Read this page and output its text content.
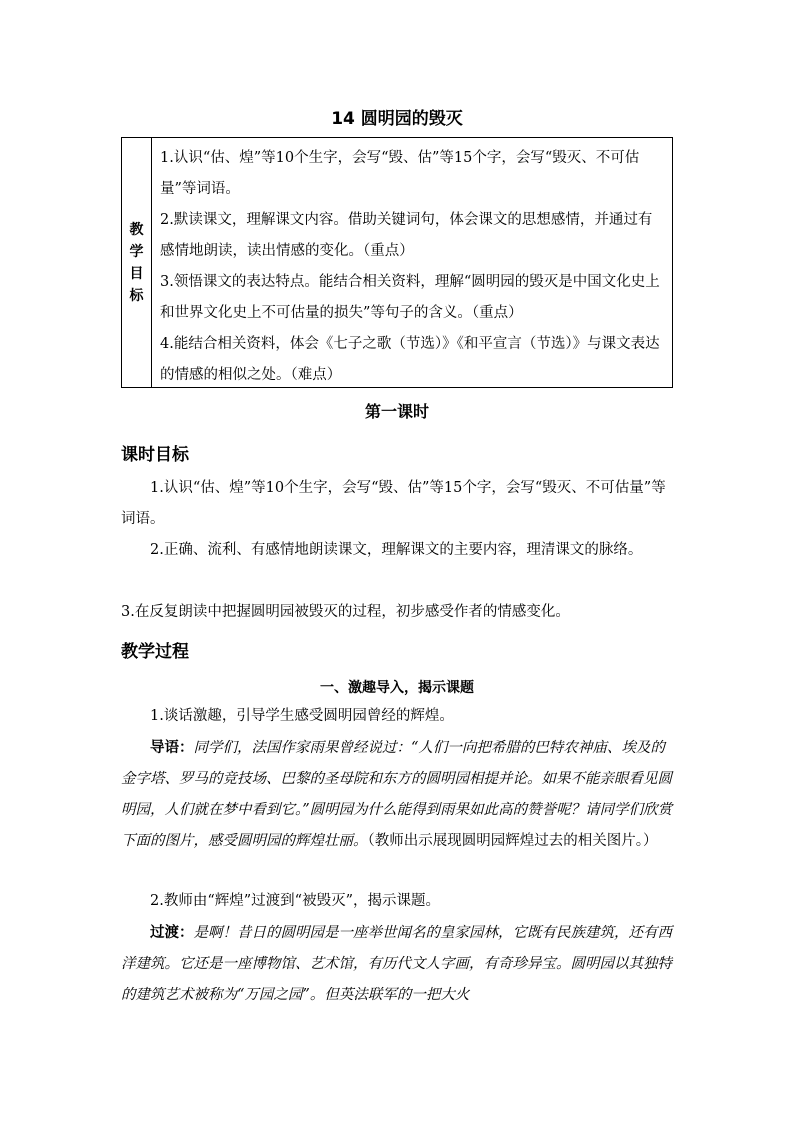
14 圆明园的毁灭
教
学
目
标

1.认识“估、煌”等10个生字，会写“毁、估”等15个字，会写“毁灭、不可估量”等词语。

2.默读课文，理解课文内容。借助关键词句，体会课文的思想感情，并通过有感情地朗读，读出情感的变化。（重点）

3.领悟课文的表达特点。能结合相关资料，理解“圆明园的毁灭是中国文化史上和世界文化史上不可估量的损失”等句子的含义。（重点）

4.能结合相关资料，体会《七子之歌（节选）》《和平宣言（节选）》与课文表达的情感的相似之处。（难点）

第一课时
课时目标

1.认识“估、煌”等10个生字，会写“毁、估”等15个字，会写“毁灭、不可估量”等词语。

2.正确、流利、有感情地朗读课文，理解课文的主要内容，理清课文的脉络。

3.在反复朗读中把握圆明园被毁灭的过程，初步感受作者的情感变化。

教学过程
一、激趣导入，揭示课题

1.谈话激趣，引导学生感受圆明园曾经的辉煌。

导语：同学们，法国作家雨果曾经说过：“人们一向把希腊的巴特农神庙、埃及的金字塔、罗马的竞技场、巴黎的圣母院和东方的圆明园相提并论。如果不能亲眼看见圆明园，人们就在梦中看到它。”圆明园为什么能得到雨果如此高的赞誉呢？请同学们欣赏下面的图片，感受圆明园的辉煌壮丽。（教师出示展现圆明园辉煌过去的相关图片。）

2.教师由“辉煌”过渡到“被毁灭”，揭示课题。

过渡：是啊！昔日的圆明园是一座举世闻名的皇家园林，它既有民族建筑，还有西洋建筑。它还是一座博物馆、艺术馆，有历代文人字画，有奇珍异宝。圆明园以其独特的建筑艺术被称为“万园之园”。但英法联军的一把大火
